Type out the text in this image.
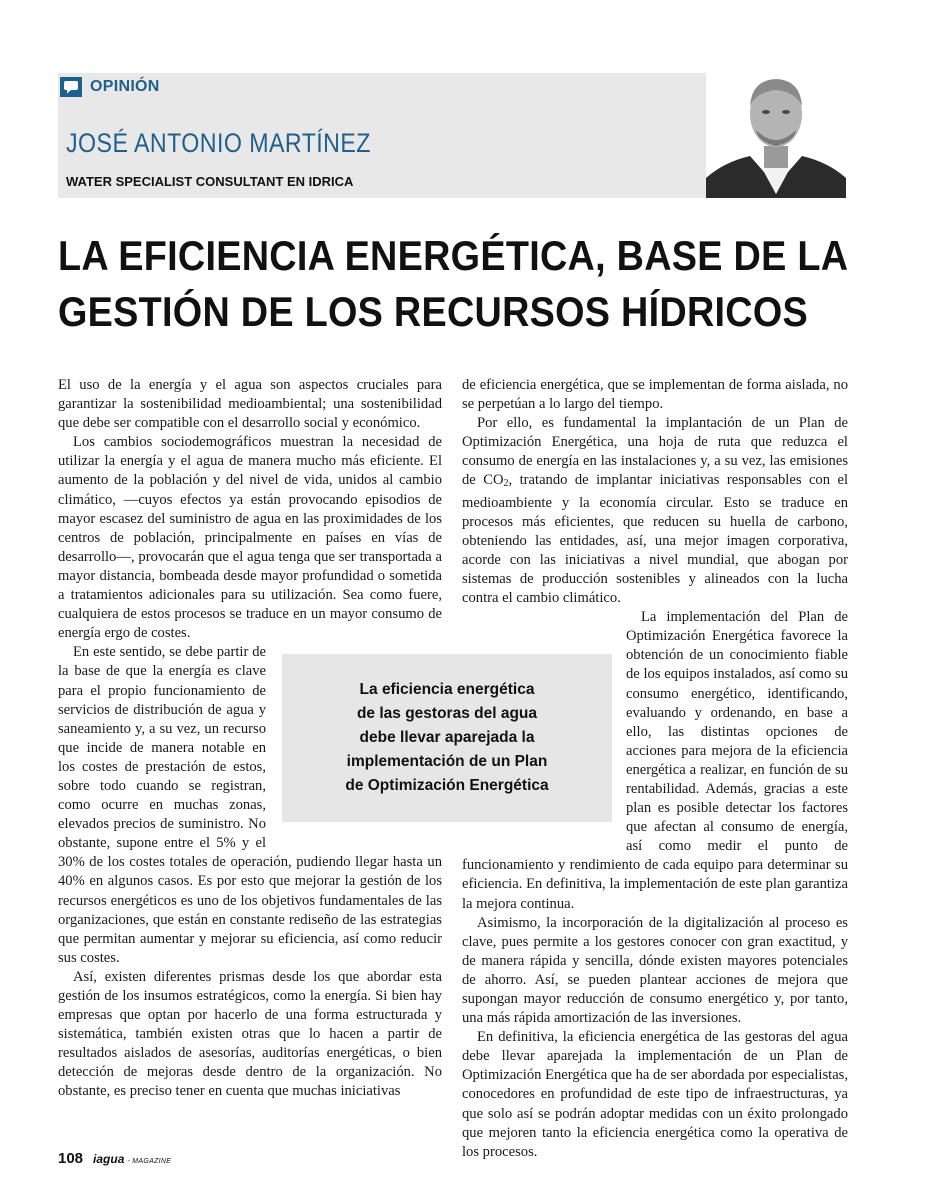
OPINIÓN
JOSÉ ANTONIO MARTÍNEZ
WATER SPECIALIST CONSULTANT EN IDRICA
LA EFICIENCIA ENERGÉTICA, BASE DE LA
GESTIÓN DE LOS RECURSOS HÍDRICOS

El uso de la energía y el agua son aspectos cruciales para garantizar la sostenibilidad medioambiental; una sostenibilidad que debe ser compatible con el desarrollo social y económico.

Los cambios sociodemográficos muestran la necesidad de utilizar la energía y el agua de manera mucho más eficiente. El aumento de la población y del nivel de vida, unidos al cambio climático, —cuyos efectos ya están provocando episodios de mayor escasez del suministro de agua en las proximidades de los centros de población, principalmente en países en vías de desarrollo—, provocarán que el agua tenga que ser transportada a mayor distancia, bombeada desde mayor profundidad o sometida a tratamientos adicionales para su utilización. Sea como fuere, cualquiera de estos procesos se traduce en un mayor consumo de energía ergo de costes.

En este sentido, se debe partir de la base de que la energía es clave para el propio funcionamiento de servicios de distribución de agua y saneamiento y, a su vez, un recurso que incide de manera notable en los costes de prestación de estos, sobre todo cuando se registran, como ocurre en muchas zonas, elevados precios de suministro. No obstante, supone entre el 5% y el 30% de los costes totales de operación, pudiendo llegar hasta un 40% en algunos casos. Es por esto que mejorar la gestión de los recursos energéticos es uno de los objetivos fundamentales de las organizaciones, que están en constante rediseño de las estrategias que permitan aumentar y mejorar su eficiencia, así como reducir sus costes.

Así, existen diferentes prismas desde los que abordar esta gestión de los insumos estratégicos, como la energía. Si bien hay empresas que optan por hacerlo de una forma estructurada y sistemática, también existen otras que lo hacen a partir de resultados aislados de asesorías, auditorías energéticas, o bien detección de mejoras desde dentro de la organización. No obstante, es preciso tener en cuenta que muchas iniciativas

de eficiencia energética, que se implementan de forma aislada, no se perpetúan a lo largo del tiempo.

Por ello, es fundamental la implantación de un Plan de Optimización Energética, una hoja de ruta que reduzca el consumo de energía en las instalaciones y, a su vez, las emisiones de $CO_2$, tratando de implantar iniciativas responsables con el medioambiente y la economía circular. Esto se traduce en procesos más eficientes, que reducen su huella de carbono, obteniendo las entidades, así, una mejor imagen corporativa, acorde con las iniciativas a nivel mundial, que abogan por sistemas de producción sostenibles y alineados con la lucha contra el cambio climático.

La implementación del Plan de Optimización Energética favorece la obtención de un conocimiento fiable de los equipos instalados, así como su consumo energético, identificando, evaluando y ordenando, en base a ello, las distintas opciones de acciones para mejora de la eficiencia energética a realizar, en función de su rentabilidad. Además, gracias a este plan es posible detectar los factores que afectan al consumo de energía, así como medir el punto de funcionamiento y rendimiento de cada equipo para determinar su eficiencia. En definitiva, la implementación de este plan garantiza la mejora continua.

Asimismo, la incorporación de la digitalización al proceso es clave, pues permite a los gestores conocer con gran exactitud, y de manera rápida y sencilla, dónde existen mayores potenciales de ahorro. Así, se pueden plantear acciones de mejora que supongan mayor reducción de consumo energético y, por tanto, una más rápida amortización de las inversiones.

En definitiva, la eficiencia energética de las gestoras del agua debe llevar aparejada la implementación de un Plan de Optimización Energética que ha de ser abordada por especialistas, conocedores en profundidad de este tipo de infraestructuras, ya que solo así se podrán adoptar medidas con un éxito prolongado que mejoren tanto la eficiencia energética como la operativa de los procesos.

La eficiencia energética
de las gestoras del agua
debe llevar aparejada la
implementación de un Plan
de Optimización Energética
108 iagua - MAGAZINE
